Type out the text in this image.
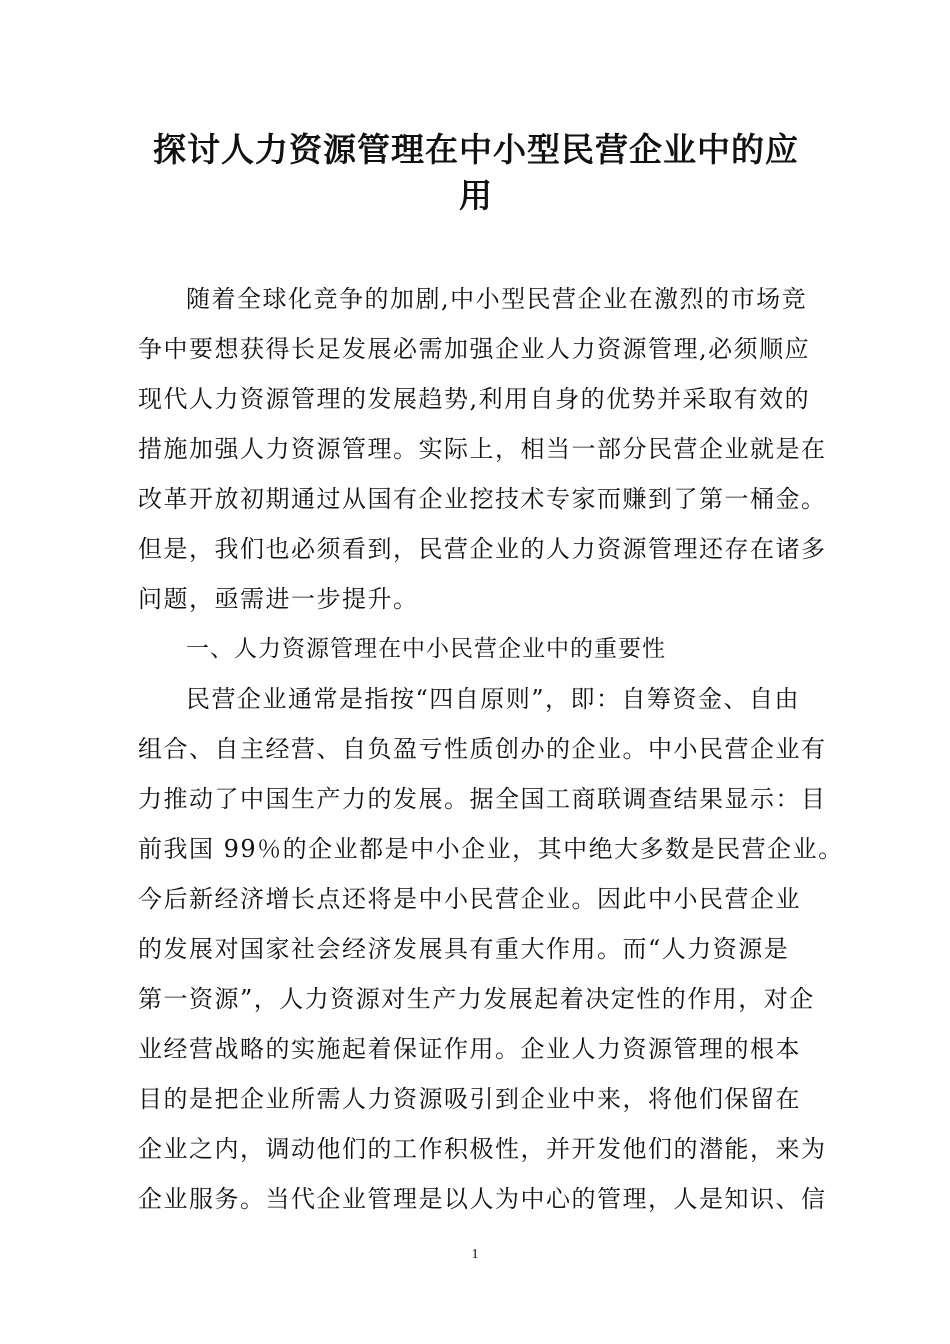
探讨人力资源管理在中小型民营企业中的应
用
随着全球化竞争的加剧,中小型民营企业在激烈的市场竞
争中要想获得长足发展必需加强企业人力资源管理,必须顺应
现代人力资源管理的发展趋势,利用自身的优势并采取有效的
措施加强人力资源管理。实际上，相当一部分民营企业就是在
改革开放初期通过从国有企业挖技术专家而赚到了第一桶金。
但是，我们也必须看到，民营企业的人力资源管理还存在诸多
问题，亟需进一步提升。
一、人力资源管理在中小民营企业中的重要性
民营企业通常是指按“四自原则”，即：自筹资金、自由
组合、自主经营、自负盈亏性质创办的企业。中小民营企业有
力推动了中国生产力的发展。据全国工商联调查结果显示：目
前我国 99％的企业都是中小企业，其中绝大多数是民营企业。
今后新经济增长点还将是中小民营企业。因此中小民营企业
的发展对国家社会经济发展具有重大作用。而“人力资源是
第一资源”，人力资源对生产力发展起着决定性的作用，对企
业经营战略的实施起着保证作用。企业人力资源管理的根本
目的是把企业所需人力资源吸引到企业中来，将他们保留在
企业之内，调动他们的工作积极性，并开发他们的潜能，来为
企业服务。当代企业管理是以人为中心的管理，人是知识、信
1
